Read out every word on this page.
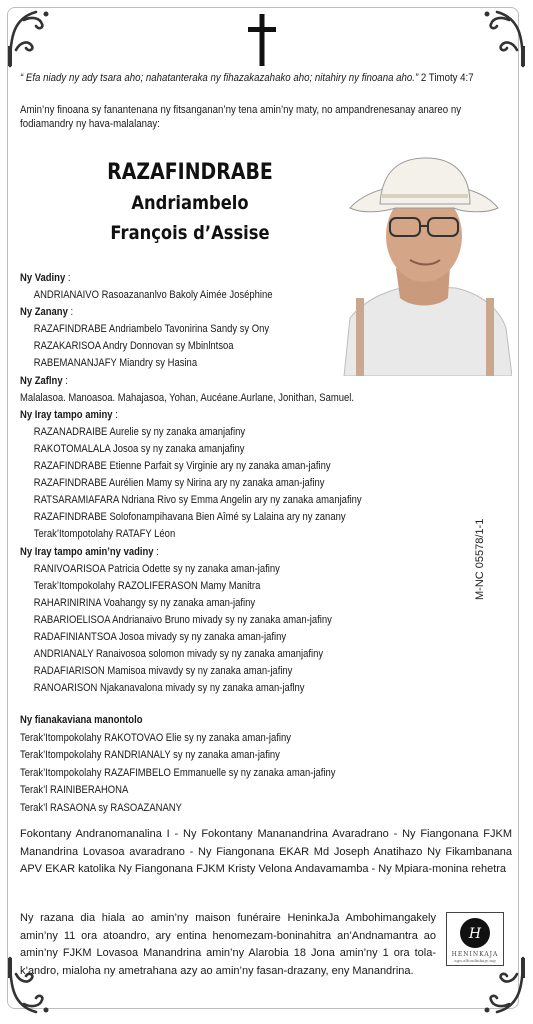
“ Efa niady ny ady tsara aho; nahatanteraka ny fihazakazahako aho; nitahiry ny finoana aho.” 2 Timoty 4:7
Amin’ny finoana sy fanantenana ny fitsanganan’ny tena amin’ny maty, no ampandrenesanay anareo ny fodiamandry ny hava-malalanay:
RAZAFINDRABE
Andriambelo
François d’Assise
Ny Vadiny :
ANDRIANAIVO Rasoazananlvo Bakoly Aimée Joséphine
Ny Zanany :
RAZAFINDRABE Andriambelo Tavonirina Sandy sy Ony
RAZAKARISOA Andry Donnovan sy Mbinlntsoa
RABEMANANJAFY Miandry sy Hasina
Ny Zaflny :
Malalasoa. Manoasoa. Mahajasoa, Yohan, Aucéane.Aurlane, Jonithan, Samuel.
Ny Iray tampo aminy :
RAZANADRAIBE Aurelie sy ny zanaka amanjafiny
RAKOTOMALALA Josoa sy ny zanaka amanjafiny
RAZAFINDRABE Etienne Parfait sy Virginie ary ny zanaka aman-jafiny
RAZAFINDRABE Aurélien Mamy sy Nirina ary ny zanaka aman-jafiny
RATSARAMIAFARA Ndriana Rivo sy Emma Angelin ary ny zanaka amanjafiny
RAZAFINDRABE Solofonampihavana Bien Aîmé sy Lalaina ary ny zanany
Terak’Itompotolahy RATAFY Léon
Ny Iray tampo amin’ny vadiny :
RANIVOARISOA Patricia Odette sy ny zanaka aman-jafiny
Terak’Itompokolahy RAZOLIFERASON Mamy Manitra
RAHARINIRINA Voahangy sy ny zanaka aman-jafiny
RABARIOELISOA Andrianaivo Bruno mivady sy ny zanaka aman-jafiny
RADAFINIANTSOA Josoa mivady sy ny zanaka aman-jafiny
ANDRIANALY Ranaivosoa solomon mivady sy ny zanaka amanjafiny
RADAFIARISON Mamisoa mivavdy sy ny zanaka aman-jafiny
RANOARISON Njakanavalona mivady sy ny zanaka aman-jaflny
Ny fianakaviana manontolo
Terak’Itompokolahy RAKOTOVAO Elie sy ny zanaka aman-jafiny
Terak’Itompokolahy RANDRIANALY sy ny zanaka aman-jafiny
Terak’Itompokolahy RAZAFIMBELO Emmanuelle sy ny zanaka aman-jafiny
Terak’l RAINIBERAHONA
Terak’l RASAONA sy RASOAZANANY
Fokontany Andranomanalina I - Ny Fokontany Mananandrina Avaradrano - Ny Fiangonana FJKM Manandrina Lovasoa avaradrano - Ny Fiangonana EKAR Md Joseph Anatihazo Ny Fikambanana APV EKAR katolika Ny Fiangonana FJKM Kristy Velona Andavamamba - Ny Mpiara-monina rehetra
Ny razana dia hiala ao amin’ny maison funéraire HeninkaJa Ambohimangakely amin’ny 11 ora atoandro, ary entina henomezam-boninahitra an’Andnamantra ao amin’ny FJKM Lovasoa Manandrina amin’ny Alarobia 18 Jona amin’ny 1 ora tola-k’andro, mialoha ny ametrahana azy ao amin’ny fasan-drazany, eny Manandrina.
M-NC 05578/1-1
H
HENINKAJA
agn.alfoudinkaje.mg
